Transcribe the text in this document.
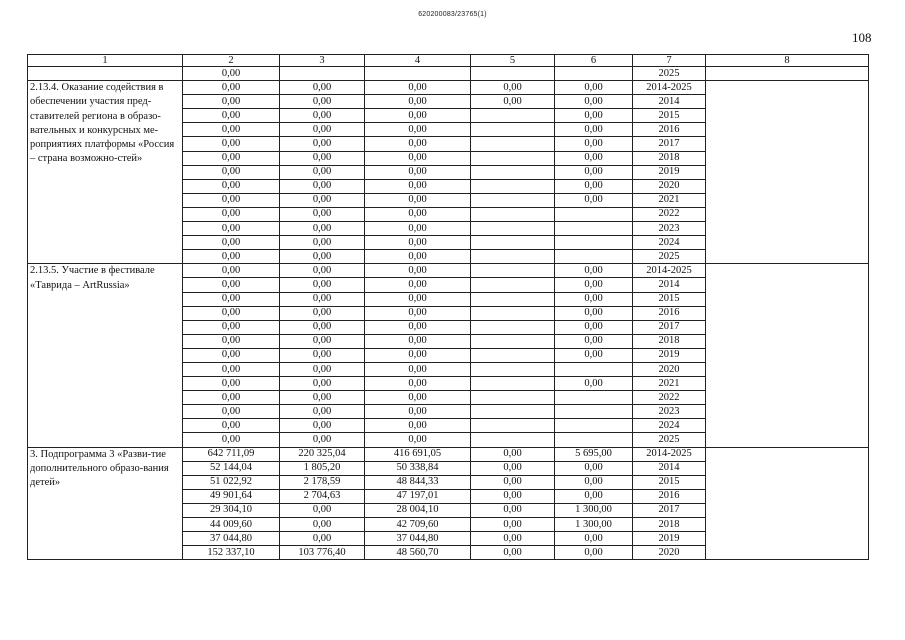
620200083/23765(1)
108
1	2	3	4	5	6	7	8
	0,00					2025	
2.13.4. Оказание содействия в обеспечении участия пред-ставителей региона в образо-вательных и конкурсных ме-роприятиях платформы «Россия – страна возможно-стей»	0,00	0,00	0,00	0,00	0,00	2014-2025	
	0,00	0,00	0,00	0,00	0,00	2014	
	0,00	0,00	0,00		0,00	2015	
	0,00	0,00	0,00		0,00	2016	
	0,00	0,00	0,00		0,00	2017	
	0,00	0,00	0,00		0,00	2018	
	0,00	0,00	0,00		0,00	2019	
	0,00	0,00	0,00		0,00	2020	
	0,00	0,00	0,00		0,00	2021	
	0,00	0,00	0,00			2022	
	0,00	0,00	0,00			2023	
	0,00	0,00	0,00			2024	
	0,00	0,00	0,00			2025	
2.13.5. Участие в фестивале «Таврида – ArtRussia»	0,00	0,00	0,00		0,00	2014-2025	
	0,00	0,00	0,00		0,00	2014	
	0,00	0,00	0,00		0,00	2015	
	0,00	0,00	0,00		0,00	2016	
	0,00	0,00	0,00		0,00	2017	
	0,00	0,00	0,00		0,00	2018	
	0,00	0,00	0,00		0,00	2019	
	0,00	0,00	0,00			2020	
	0,00	0,00	0,00		0,00	2021	
	0,00	0,00	0,00			2022	
	0,00	0,00	0,00			2023	
	0,00	0,00	0,00			2024	
	0,00	0,00	0,00			2025	
3. Подпрограмма 3 «Разви-тие дополнительного образо-вания детей»	642 711,09	220 325,04	416 691,05	0,00	5 695,00	2014-2025	
	52 144,04	1 805,20	50 338,84	0,00	0,00	2014	
	51 022,92	2 178,59	48 844,33	0,00	0,00	2015	
	49 901,64	2 704,63	47 197,01	0,00	0,00	2016	
	29 304,10	0,00	28 004,10	0,00	1 300,00	2017	
	44 009,60	0,00	42 709,60	0,00	1 300,00	2018	
	37 044,80	0,00	37 044,80	0,00	0,00	2019	
	152 337,10	103 776,40	48 560,70	0,00	0,00	2020	
